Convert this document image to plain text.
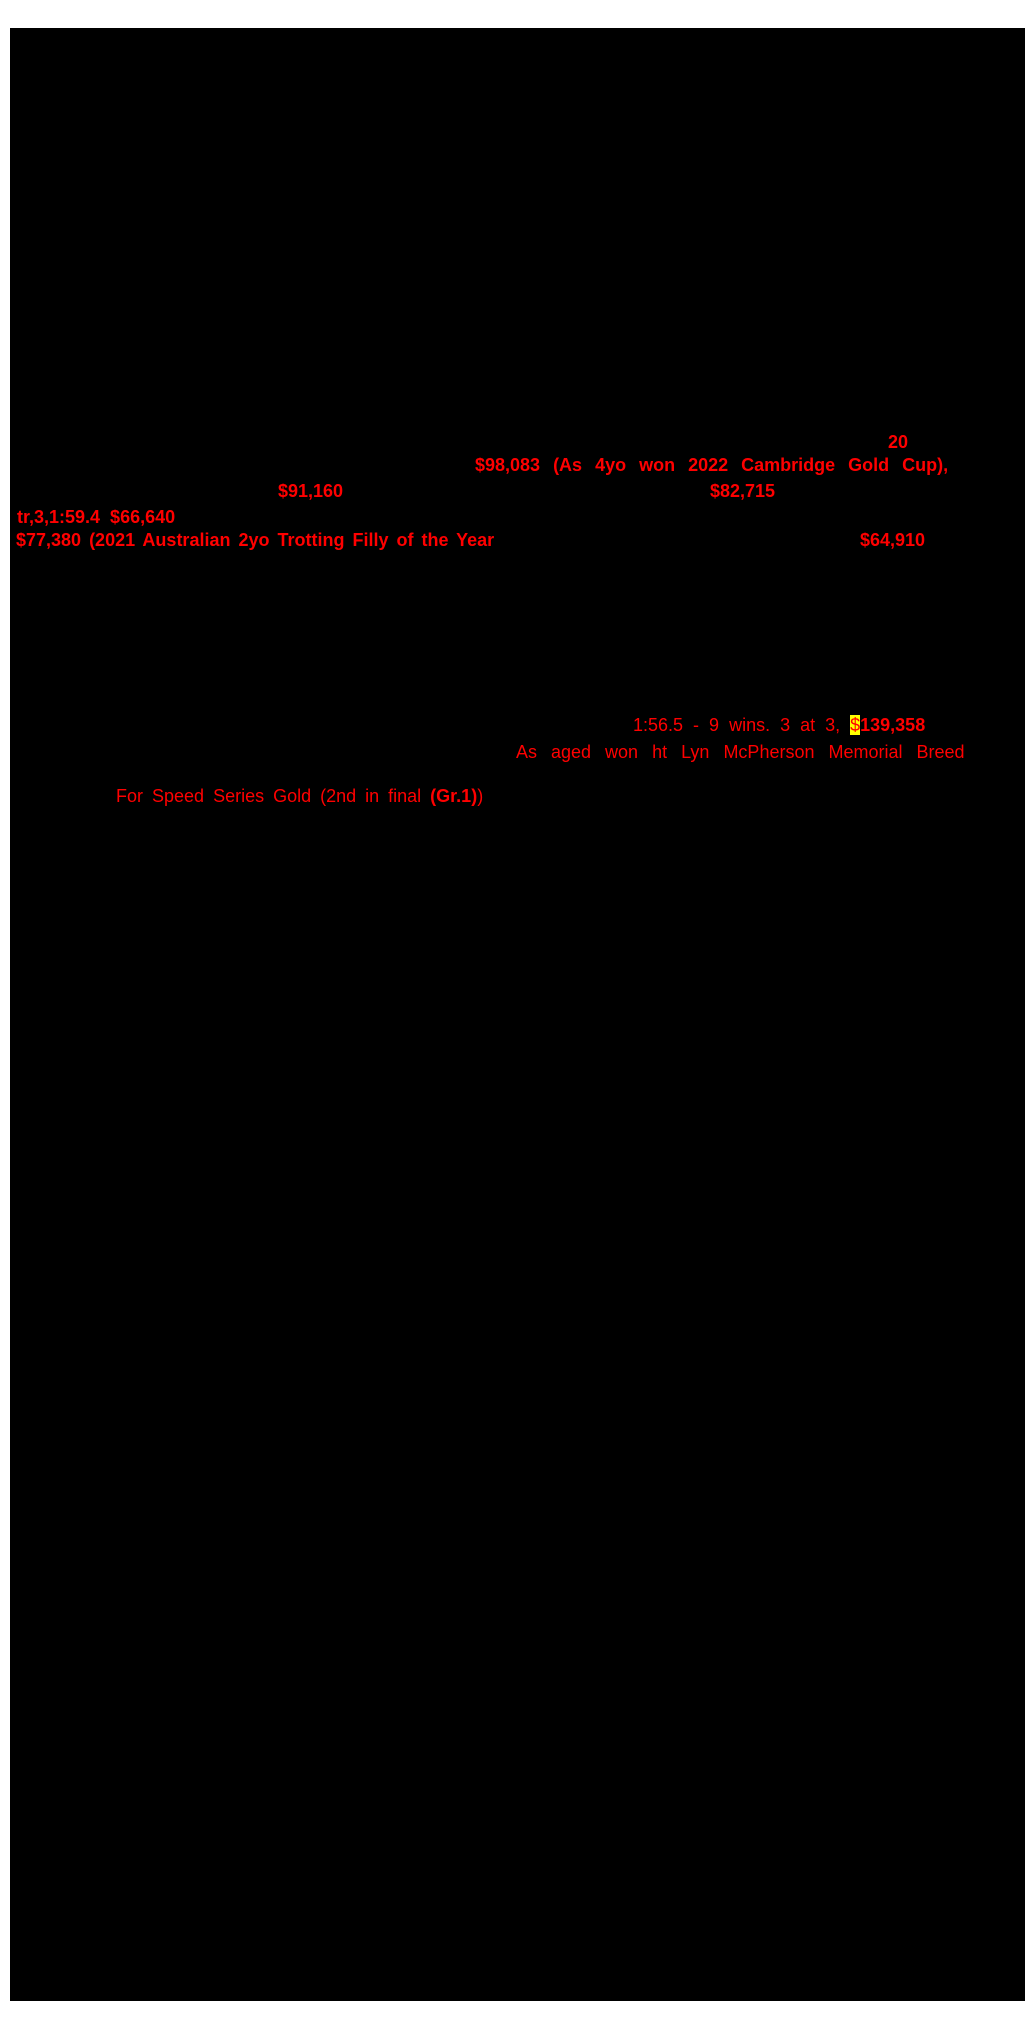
20
$98,083 (As 4yo won 2022 Cambridge Gold Cup),
$91,160	$82,715
tr,3,1:59.4  $66,640
$77,380 (2021 Australian 2yo Trotting Filly of the Year	$64,910

1:56.5 - 9 wins. 3 at 3, $139,358

As aged won ht Lyn McPherson Memorial Breed

For Speed Series Gold (2nd in final (Gr.1))
